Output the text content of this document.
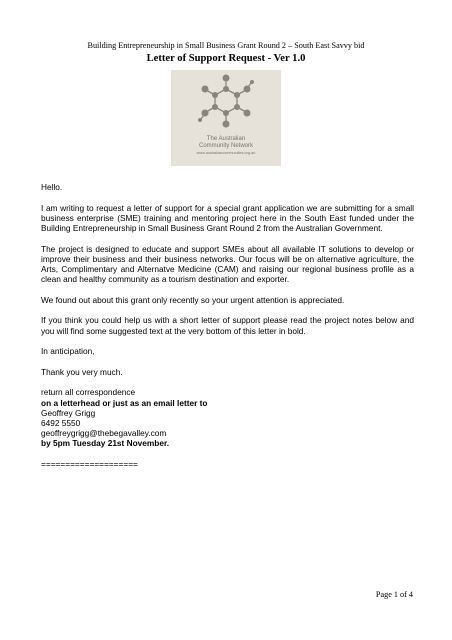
Building Entrepreneurship in Small Business Grant Round 2 – South East Savvy bid
Letter of Support Request - Ver 1.0
The Australian
Community Network
www.australiancommunities.org.au

Hello.

I am writing to request a letter of support for a special grant application we are submitting for a small business enterprise (SME) training and mentoring project here in the South East funded under the Building Entrepreneurship in Small Business Grant Round 2 from the Australian Government.

The project is designed to educate and support SMEs about all available IT solutions to develop or improve their business and their business networks. Our focus will be on alternative agriculture, the Arts, Complimentary and Alternatve Medicine (CAM) and raising our regional business profile as a clean and healthy community as a tourism destination and exporter.

We found out about this grant only recently so your urgent attention is appreciated.

If you think you could help us with a short letter of support please read the project notes below and you will find some suggested text at the very bottom of this letter in bold.

In anticipation,

Thank you very much.

return all correspondence
on a letterhead or just as an email letter to
Geoffrey Grigg
6492 5550
geoffreygrigg@thebegavalley.com
by 5pm Tuesday 21st November.
====================
Page 1 of 4
